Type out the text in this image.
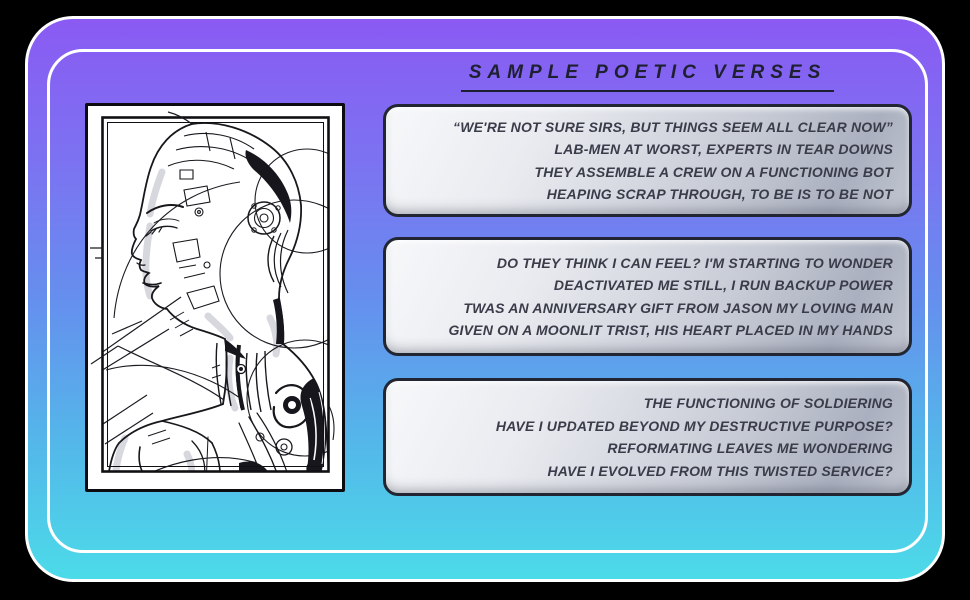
SAMPLE POETIC VERSES
“WE'RE NOT SURE SIRS, BUT THINGS SEEM ALL CLEAR NOW”
LAB-MEN AT WORST, EXPERTS IN TEAR DOWNS
THEY ASSEMBLE A CREW ON A FUNCTIONING BOT
HEAPING SCRAP THROUGH, TO BE IS TO BE NOT
DO THEY THINK I CAN FEEL? I'M STARTING TO WONDER
DEACTIVATED ME STILL, I RUN BACKUP POWER
TWAS AN ANNIVERSARY GIFT FROM JASON MY LOVING MAN
GIVEN ON A MOONLIT TRIST, HIS HEART PLACED IN MY HANDS
THE FUNCTIONING OF SOLDIERING
HAVE I UPDATED BEYOND MY DESTRUCTIVE PURPOSE?
REFORMATING LEAVES ME WONDERING
HAVE I EVOLVED FROM THIS TWISTED SERVICE?
